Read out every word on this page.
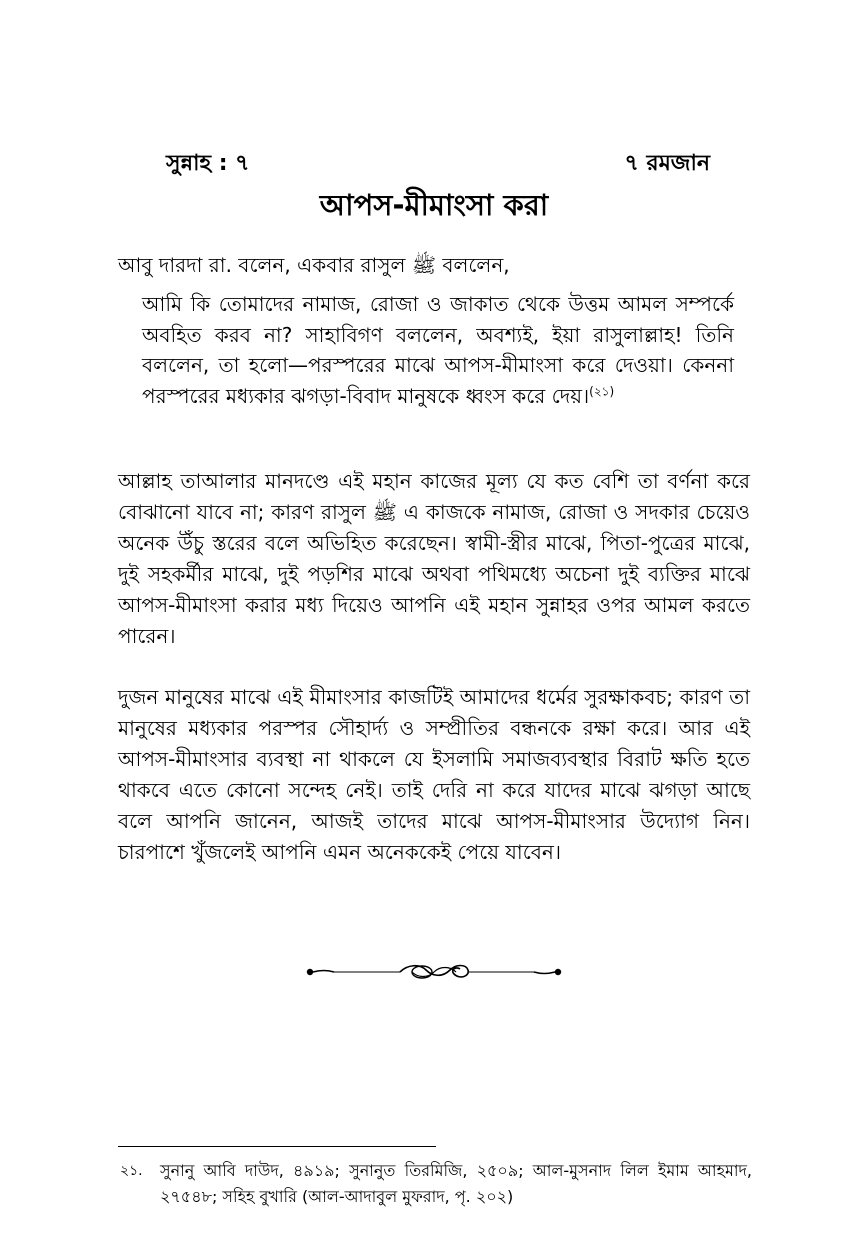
সুন্নাহ : ৭	৭ রমজান
আপস-মীমাংসা করা

আবু দারদা রা. বলেন, একবার রাসুল ﷺ বললেন,

আমি কি তোমাদের নামাজ, রোজা ও জাকাত থেকে উত্তম আমল সম্পর্কে অবহিত করব না? সাহাবিগণ বললেন, অবশ্যই, ইয়া রাসুলাল্লাহ! তিনি বললেন, তা হলো—পরস্পরের মাঝে আপস-মীমাংসা করে দেওয়া। কেননা পরস্পরের মধ্যকার ঝগড়া-বিবাদ মানুষকে ধ্বংস করে দেয়।$^{(২১)}$

আল্লাহ তাআলার মানদণ্ডে এই মহান কাজের মূল্য যে কত বেশি তা বর্ণনা করে বোঝানো যাবে না; কারণ রাসুল ﷺ এ কাজকে নামাজ, রোজা ও সদকার চেয়েও অনেক উঁচু স্তরের বলে অভিহিত করেছেন। স্বামী-স্ত্রীর মাঝে, পিতা-পুত্রের মাঝে, দুই সহকর্মীর মাঝে, দুই পড়শির মাঝে অথবা পথিমধ্যে অচেনা দুই ব্যক্তির মাঝে আপস-মীমাংসা করার মধ্য দিয়েও আপনি এই মহান সুন্নাহর ওপর আমল করতে পারেন।

দুজন মানুষের মাঝে এই মীমাংসার কাজটিই আমাদের ধর্মের সুরক্ষাকবচ; কারণ তা মানুষের মধ্যকার পরস্পর সৌহার্দ্য ও সম্প্রীতির বন্ধনকে রক্ষা করে। আর এই আপস-মীমাংসার ব্যবস্থা না থাকলে যে ইসলামি সমাজব্যবস্থার বিরাট ক্ষতি হতে থাকবে এতে কোনো সন্দেহ নেই। তাই দেরি না করে যাদের মাঝে ঝগড়া আছে বলে আপনি জানেন, আজই তাদের মাঝে আপস-মীমাংসার উদ্যোগ নিন। চারপাশে খুঁজলেই আপনি এমন অনেককেই পেয়ে যাবেন।

২১. সুনানু আবি দাউদ, ৪৯১৯; সুনানুত তিরমিজি, ২৫০৯; আল-মুসনাদ লিল ইমাম আহমাদ, ২৭৫৪৮; সহিহ বুখারি (আল-আদাবুল মুফরাদ, পৃ. ২০২)
